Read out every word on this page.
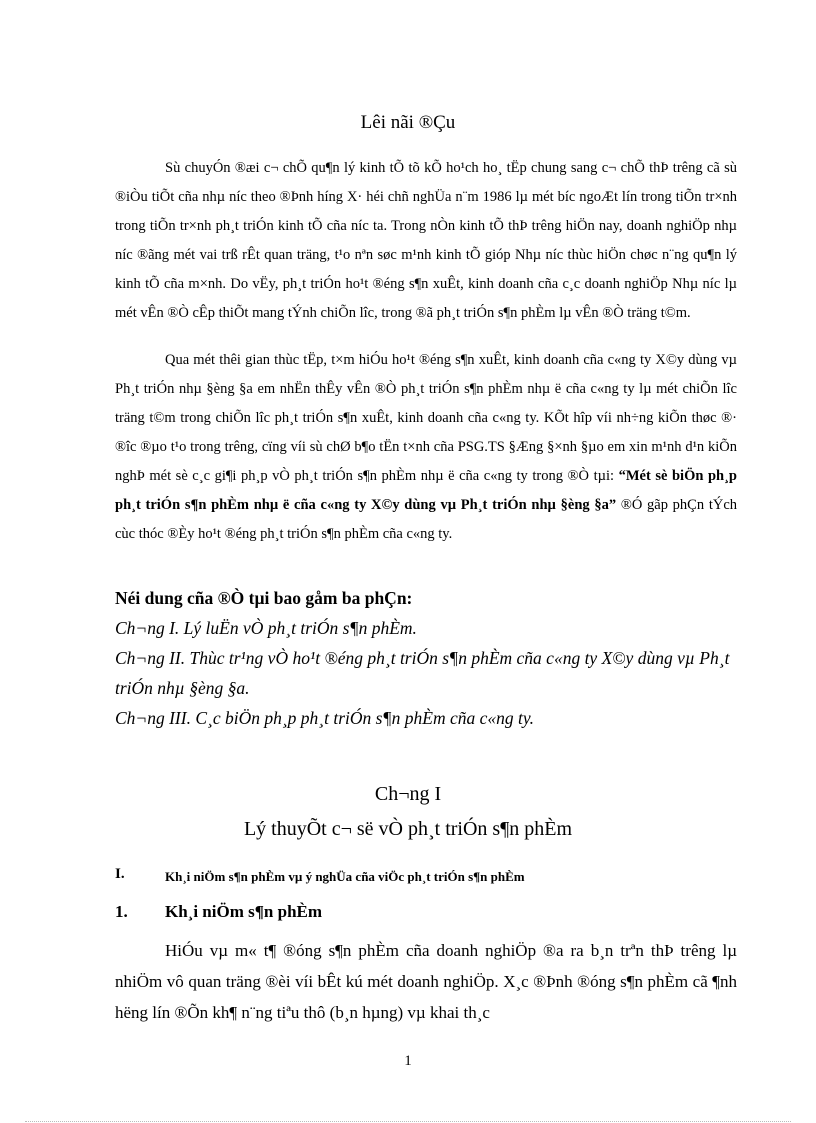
Lêi nãi ®Çu

Sù chuyÓn ®æi c¬ chÕ qu¶n lý kinh tÕ tõ kÕ ho¹ch ho¸ tËp chung sang c¬ chÕ thÞ trêng cã sù ®iÒu tiÕt cña nhµ níc theo ®Þnh híng X· héi chñ nghÜa n¨m 1986 lµ mét bíc ngoÆt lín trong tiÕn tr×nh trong tiÕn tr×nh ph¸t triÓn kinh tÕ cña níc ta. Trong nÒn kinh tÕ thÞ trêng hiÖn nay, doanh nghiÖp nhµ níc ®ãng mét vai trß rÊt quan träng, t¹o nªn søc m¹nh kinh tÕ gióp Nhµ níc thùc hiÖn chøc n¨ng qu¶n lý kinh tÕ cña m×nh. Do vËy, ph¸t triÓn ho¹t ®éng s¶n xuÊt, kinh doanh cña c¸c doanh nghiÖp Nhµ níc lµ mét vÊn ®Ò cÊp thiÕt mang tÝnh chiÕn lîc, trong ®ã ph¸t triÓn s¶n phÈm lµ vÊn ®Ò träng t©m.

Qua mét thêi gian thùc tËp, t×m hiÓu ho¹t ®éng s¶n xuÊt, kinh doanh cña c«ng ty X©y dùng vµ Ph¸t triÓn nhµ §èng §a em nhËn thÊy vÊn ®Ò ph¸t triÓn s¶n phÈm nhµ ë cña c«ng ty lµ mét chiÕn lîc träng t©m trong chiÕn lîc ph¸t triÓn s¶n xuÊt, kinh doanh cña c«ng ty. KÕt hîp víi nh÷ng kiÕn thøc ®· ®îc ®µo t¹o trong trêng, cïng víi sù chØ b¶o tËn t×nh cña PSG.TS §Æng §×nh §µo em xin m¹nh d¹n kiÕn nghÞ mét sè c¸c gi¶i ph¸p vÒ ph¸t triÓn s¶n phÈm nhµ ë cña c«ng ty trong ®Ò tµi: “Mét sè biÖn ph¸p ph¸t triÓn s¶n phÈm nhµ ë cña c«ng ty X©y dùng vµ Ph¸t triÓn nhµ §èng §a” ®Ó gãp phÇn tÝch cùc thóc ®Èy ho¹t ®éng ph¸t triÓn s¶n phÈm cña c«ng ty.

Néi dung cña ®Ò tµi bao gåm ba phÇn:
Ch¬ng I. Lý luËn vÒ ph¸t triÓn s¶n phÈm.
Ch¬ng II. Thùc tr¹ng vÒ ho¹t ®éng ph¸t triÓn s¶n phÈm cña c«ng ty X©y dùng vµ Ph¸t triÓn nhµ §èng §a.
Ch¬ng III. C¸c biÖn ph¸p ph¸t triÓn s¶n phÈm cña c«ng ty.
Ch¬ng I
Lý thuyÕt c¬ së vÒ ph¸t triÓn s¶n phÈm
I.	Kh¸i niÖm s¶n phÈm vµ ý nghÜa cña viÖc ph¸t triÓn s¶n phÈm
1. Kh¸i niÖm s¶n phÈm

HiÓu vµ m« t¶ ®óng s¶n phÈm cña doanh nghiÖp ®a ra b¸n trªn thÞ trêng lµ nhiÖm vô quan träng ®èi víi bÊt kú mét doanh nghiÖp. X¸c ®Þnh ®óng s¶n phÈm cã ¶nh hëng lín ®Õn kh¶ n¨ng tiªu thô (b¸n hµng) vµ khai th¸c

1
